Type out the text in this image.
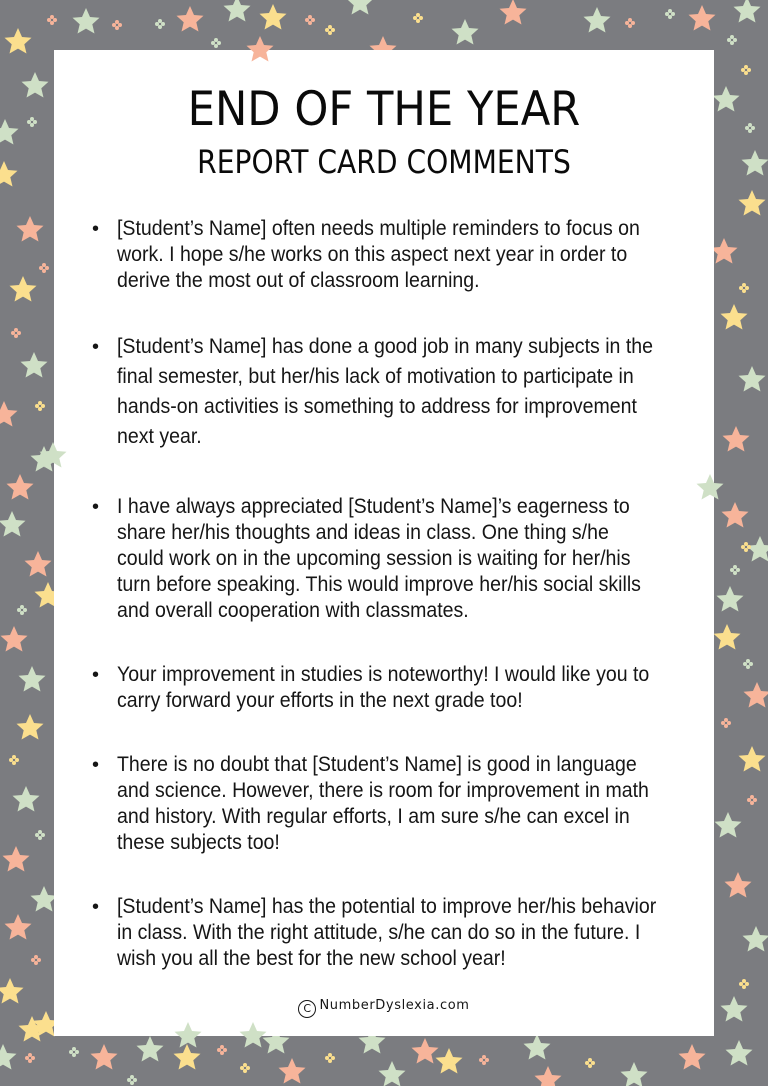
END OF THE YEAR
REPORT CARD COMMENTS
• [Student’s Name] often needs multiple reminders to focus on work. I hope s/he works on this aspect next year in order to derive the most out of classroom learning.
• [Student’s Name] has done a good job in many subjects in the final semester, but her/his lack of motivation to participate in hands-on activities is something to address for improvement next year.
• I have always appreciated [Student’s Name]’s eagerness to share her/his thoughts and ideas in class. One thing s/he could work on in the upcoming session is waiting for her/his turn before speaking. This would improve her/his social skills and overall cooperation with classmates.
• Your improvement in studies is noteworthy! I would like you to carry forward your efforts in the next grade too!
• There is no doubt that [Student’s Name] is good in language and science. However, there is room for improvement in math and history. With regular efforts, I am sure s/he can excel in these subjects too!
• [Student’s Name] has the potential to improve her/his behavior in class. With the right attitude, s/he can do so in the future. I wish you all the best for the new school year!
C NumberDyslexia.com
